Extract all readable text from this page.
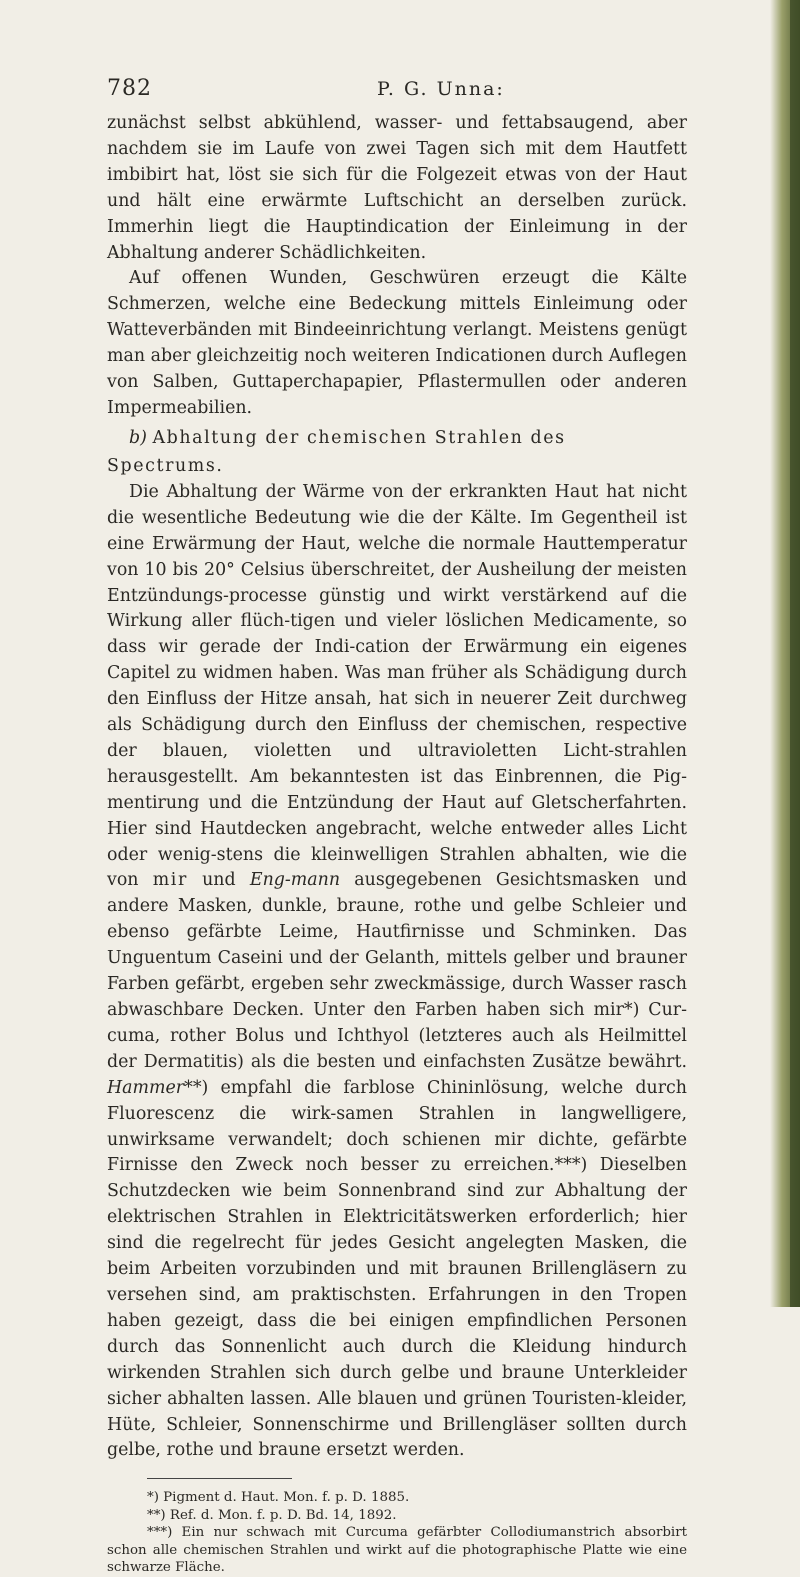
782	P. G. Unna:

zunächst selbst abkühlend, wasser- und fettabsaugend, aber nachdem sie im Laufe von zwei Tagen sich mit dem Hautfett imbibirt hat, löst sie sich für die Folgezeit etwas von der Haut und hält eine erwärmte Luftschicht an derselben zurück. Immerhin liegt die Hauptindication der Einleimung in der Abhaltung anderer Schädlichkeiten.

Auf offenen Wunden, Geschwüren erzeugt die Kälte Schmerzen, welche eine Bedeckung mittels Einleimung oder Watteverbänden mit Bindeeinrichtung verlangt. Meistens genügt man aber gleichzeitig noch weiteren Indicationen durch Auflegen von Salben, Guttaperchapapier, Pflastermullen oder anderen Impermeabilien.

b) Abhaltung der chemischen Strahlen des Spectrums.

Die Abhaltung der Wärme von der erkrankten Haut hat nicht die wesentliche Bedeutung wie die der Kälte. Im Gegentheil ist eine Erwärmung der Haut, welche die normale Hauttemperatur von 10 bis 20° Celsius überschreitet, der Ausheilung der meisten Entzündungs-processe günstig und wirkt verstärkend auf die Wirkung aller flüch-tigen und vieler löslichen Medicamente, so dass wir gerade der Indi-cation der Erwärmung ein eigenes Capitel zu widmen haben. Was man früher als Schädigung durch den Einfluss der Hitze ansah, hat sich in neuerer Zeit durchweg als Schädigung durch den Einfluss der chemischen, respective der blauen, violetten und ultravioletten Licht-strahlen herausgestellt. Am bekanntesten ist das Einbrennen, die Pig-mentirung und die Entzündung der Haut auf Gletscherfahrten. Hier sind Hautdecken angebracht, welche entweder alles Licht oder wenig-stens die kleinwelligen Strahlen abhalten, wie die von mir und Eng-mann ausgegebenen Gesichtsmasken und andere Masken, dunkle, braune, rothe und gelbe Schleier und ebenso gefärbte Leime, Hautfirnisse und Schminken. Das Unguentum Caseini und der Gelanth, mittels gelber und brauner Farben gefärbt, ergeben sehr zweckmässige, durch Wasser rasch abwaschbare Decken. Unter den Farben haben sich mir*) Cur-cuma, rother Bolus und Ichthyol (letzteres auch als Heilmittel der Dermatitis) als die besten und einfachsten Zusätze bewährt. Hammer**) empfahl die farblose Chininlösung, welche durch Fluorescenz die wirk-samen Strahlen in langwelligere, unwirksame verwandelt; doch schienen mir dichte, gefärbte Firnisse den Zweck noch besser zu erreichen.***) Dieselben Schutzdecken wie beim Sonnenbrand sind zur Abhaltung der elektrischen Strahlen in Elektricitätswerken erforderlich; hier sind die regelrecht für jedes Gesicht angelegten Masken, die beim Arbeiten vorzubinden und mit braunen Brillengläsern zu versehen sind, am praktischsten. Erfahrungen in den Tropen haben gezeigt, dass die bei einigen empfindlichen Personen durch das Sonnenlicht auch durch die Kleidung hindurch wirkenden Strahlen sich durch gelbe und braune Unterkleider sicher abhalten lassen. Alle blauen und grünen Touristen-kleider, Hüte, Schleier, Sonnenschirme und Brillengläser sollten durch gelbe, rothe und braune ersetzt werden.

*) Pigment d. Haut. Mon. f. p. D. 1885.

**) Ref. d. Mon. f. p. D. Bd. 14, 1892.

***) Ein nur schwach mit Curcuma gefärbter Collodiumanstrich absorbirt schon alle chemischen Strahlen und wirkt auf die photographische Platte wie eine schwarze Fläche.
